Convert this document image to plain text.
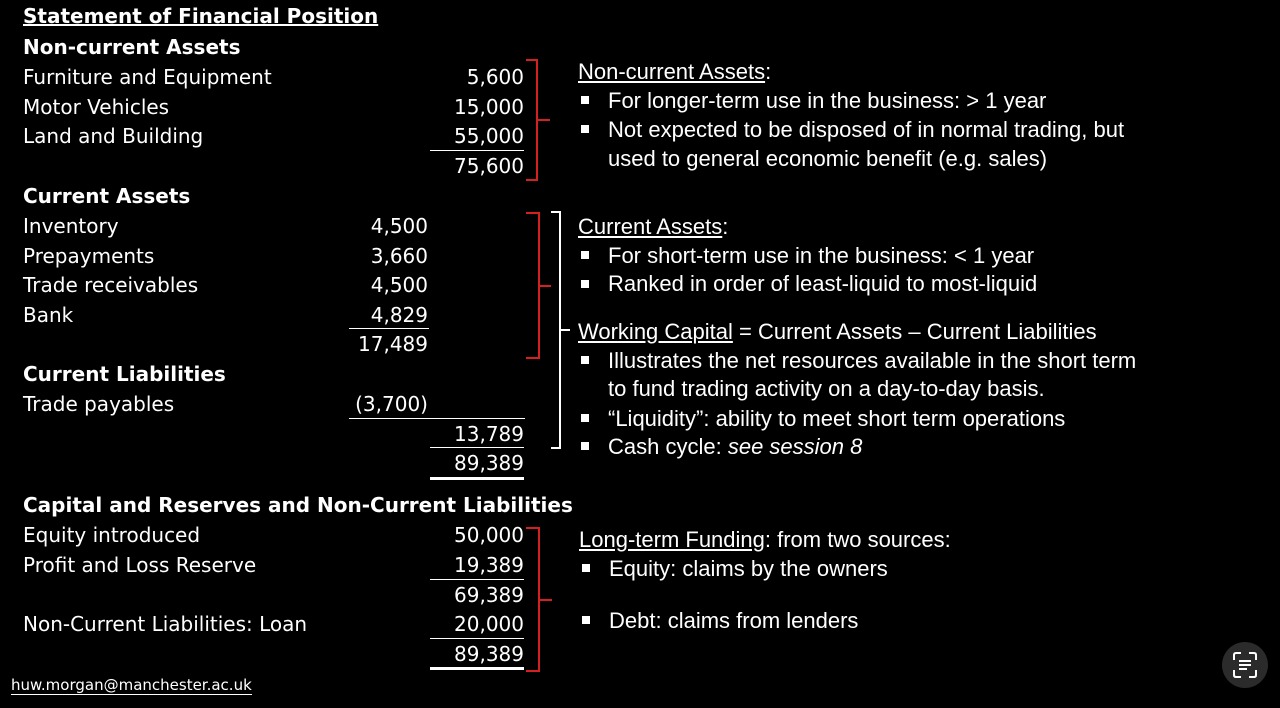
Statement of Financial Position
Non-current Assets
Furniture and Equipment	5,600
Motor Vehicles	15,000
Land and Building	55,000
75,600
Current Assets
Inventory	4,500
Prepayments	3,660
Trade receivables	4,500
Bank	4,829
17,489
Current Liabilities
Trade payables	(3,700)
13,789
89,389
Capital and Reserves and Non-Current Liabilities
Equity introduced	50,000
Profit and Loss Reserve	19,389
69,389
Non-Current Liabilities: Loan	20,000
89,389
Non-current Assets:
For longer-term use in the business: > 1 year
Not expected to be disposed of in normal trading, but
used to general economic benefit (e.g. sales)
Current Assets:
For short-term use in the business: < 1 year
Ranked in order of least-liquid to most-liquid
Working Capital = Current Assets – Current Liabilities
Illustrates the net resources available in the short term
to fund trading activity on a day-to-day basis.
“Liquidity”: ability to meet short term operations
Cash cycle: see session 8
Long-term Funding: from two sources:
Equity: claims by the owners
Debt: claims from lenders
huw.morgan@manchester.ac.uk
